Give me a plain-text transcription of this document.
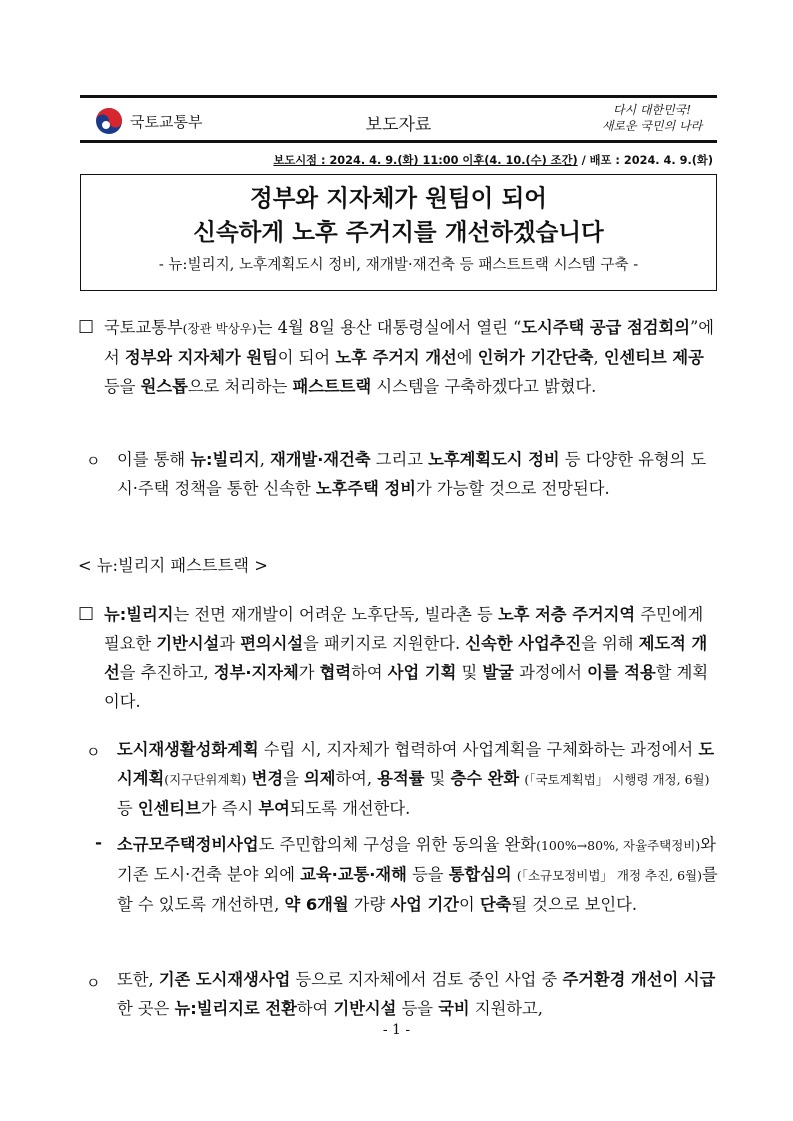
국토교통부	보도자료
다시 대한민국!
새로운 국민의 나라
보도시점 : 2024. 4. 9.(화) 11:00 이후(4. 10.(수) 조간) / 배포 : 2024. 4. 9.(화)
정부와 지자체가 원팀이 되어
신속하게 노후 주거지를 개선하겠습니다
- 뉴:빌리지, 노후계획도시 정비, 재개발·재건축 등 패스트트랙 시스템 구축 -
□ 국토교통부(장관 박상우)는 4월 8일 용산 대통령실에서 열린 “도시주택 공급 점검회의”에서 정부와 지자체가 원팀이 되어 노후 주거지 개선에 인허가 기간단축, 인센티브 제공 등을 원스톱으로 처리하는 패스트트랙 시스템을 구축하겠다고 밝혔다.
ㅇ 이를 통해 뉴:빌리지, 재개발·재건축 그리고 노후계획도시 정비 등 다양한 유형의 도시·주택 정책을 통한 신속한 노후주택 정비가 가능할 것으로 전망된다.
< 뉴:빌리지 패스트트랙 >
□ 뉴:빌리지는 전면 재개발이 어려운 노후단독, 빌라촌 등 노후 저층 주거지역 주민에게 필요한 기반시설과 편의시설을 패키지로 지원한다. 신속한 사업추진을 위해 제도적 개선을 추진하고, 정부·지자체가 협력하여 사업 기획 및 발굴 과정에서 이를 적용할 계획이다.
ㅇ 도시재생활성화계획 수립 시, 지자체가 협력하여 사업계획을 구체화하는 과정에서 도시계획(지구단위계획) 변경을 의제하여, 용적률 및 층수 완화 (「국토계획법」 시행령 개정, 6월) 등 인센티브가 즉시 부여되도록 개선한다.
- 소규모주택정비사업도 주민합의체 구성을 위한 동의율 완화(100%→80%, 자율주택정비)와 기존 도시·건축 분야 외에 교육·교통·재해 등을 통합심의 (「소규모정비법」 개정 추진, 6월)를 할 수 있도록 개선하면, 약 6개월 가량 사업 기간이 단축될 것으로 보인다.
ㅇ 또한, 기존 도시재생사업 등으로 지자체에서 검토 중인 사업 중 주거환경 개선이 시급한 곳은 뉴:빌리지로 전환하여 기반시설 등을 국비 지원하고,
- 1 -
